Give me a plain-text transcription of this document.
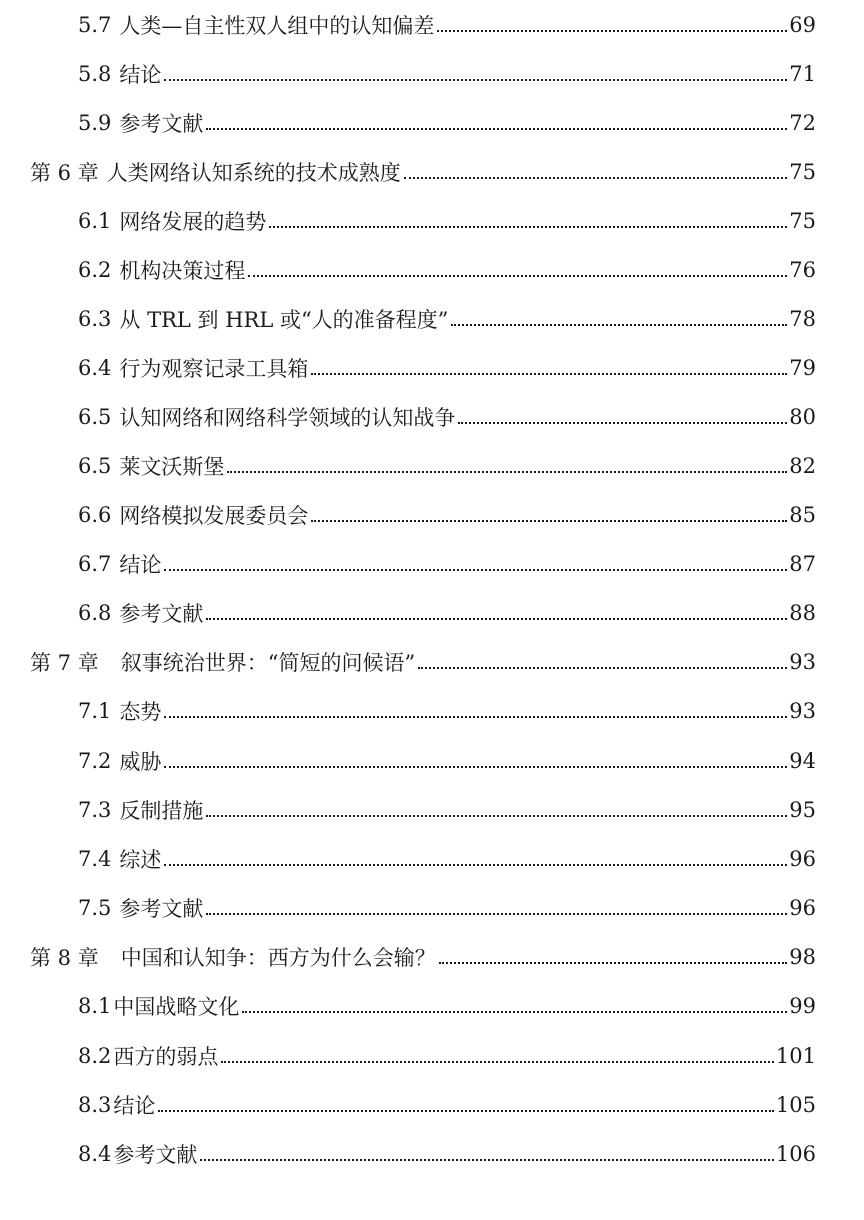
5.7 人类—自主性双人组中的认知偏差	69
5.8 结论	71
5.9 参考文献	72
第 6 章 人类网络认知系统的技术成熟度	75
6.1 网络发展的趋势	75
6.2 机构决策过程	76
6.3 从 TRL 到 HRL 或“人的准备程度”	78
6.4 行为观察记录工具箱	79
6.5 认知网络和网络科学领域的认知战争	80
6.5 莱文沃斯堡	82
6.6 网络模拟发展委员会	85
6.7 结论	87
6.8 参考文献	88
第 7 章 叙事统治世界：“简短的问候语”	93
7.1 态势	93
7.2 威胁	94
7.3 反制措施	95
7.4 综述	96
7.5 参考文献	96
第 8 章 中国和认知争：西方为什么会输？	98
8.1 中国战略文化	99
8.2 西方的弱点	101
8.3 结论	105
8.4 参考文献	106
